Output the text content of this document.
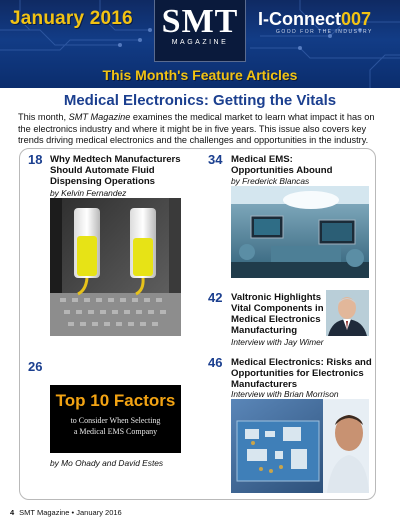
January 2016 SMT
MAGAZINE
I-Connect007
GOOD FOR THE INDUSTRY
This Month's Feature Articles
Medical Electronics: Getting the Vitals

This month, SMT Magazine examines the medical market to learn what impact it has on the electronics industry and where it might be in five years. This issue also covers key trends driving medical electronics and the challenges and opportunities in the industry.

18 Why Medtech Manufacturers
Should Automate Fluid
Dispensing Operations
by Kelvin Fernandez
34 Medical EMS:
Opportunities Abound
by Frederick Blancas
42 Valtronic Highlights
Vital Components in
Medical Electronics
Manufacturing
Interview with Jay Wimer
26
Top 10 Factors
to Consider When Selecting
a Medical EMS Company
by Mo Ohady and David Estes
46 Medical Electronics: Risks and
Opportunities for Electronics
Manufacturers
Interview with Brian Morrison
4 SMT Magazine • January 2016
